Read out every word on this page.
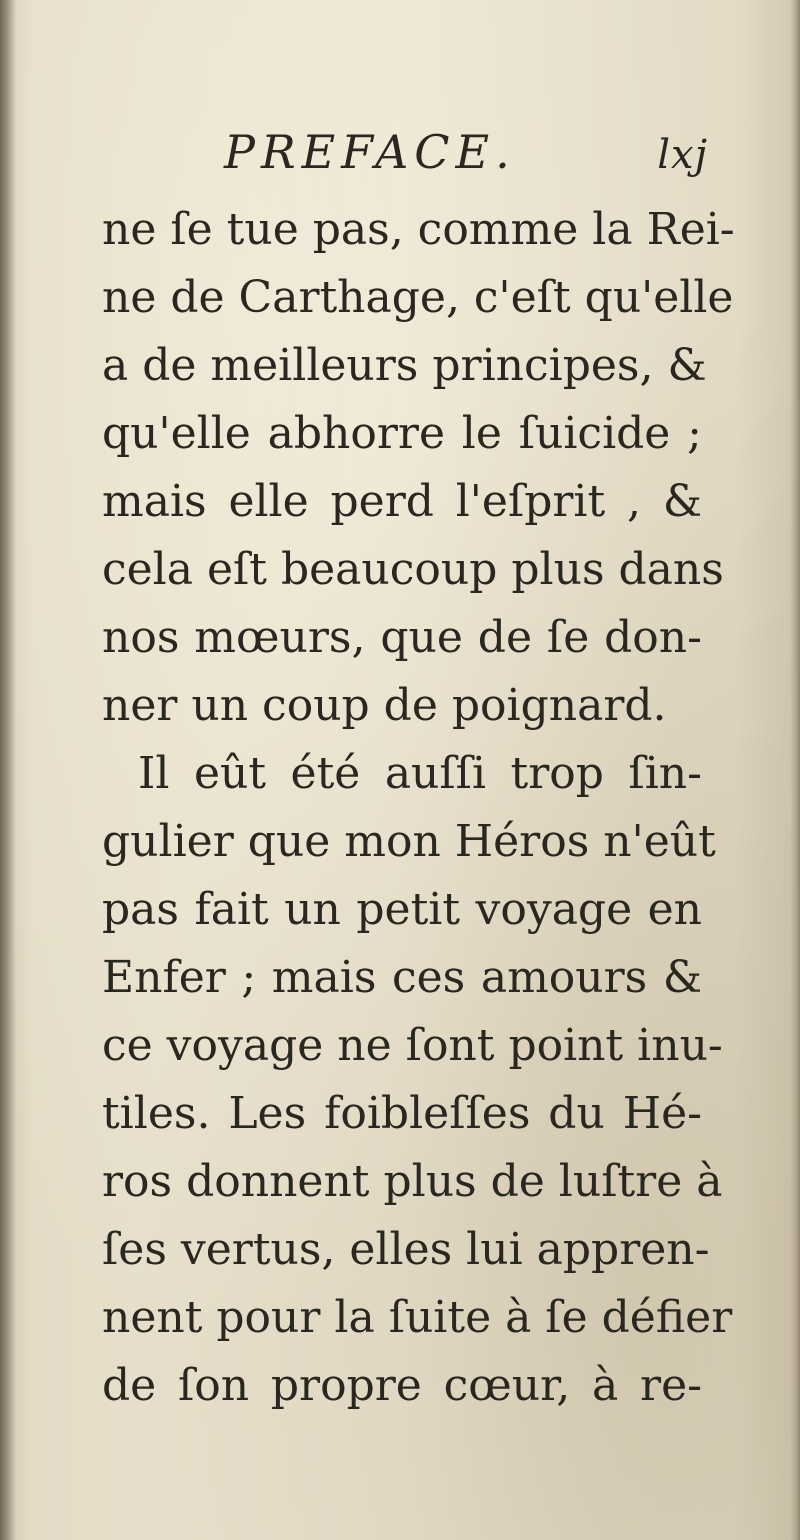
PREFACE.	lxj
ne ſe tue pas, comme la Rei-
ne de Carthage, c'eſt qu'elle
a de meilleurs principes, &
qu'elle abhorre le ſuicide ;
mais elle perd l'eſprit , &
cela eſt beaucoup plus dans
nos mœurs, que de ſe don-
ner un coup de poignard.
Il eût été auſſi trop ſin-
gulier que mon Héros n'eût
pas fait un petit voyage en
Enfer ; mais ces amours &
ce voyage ne ſont point inu-
tiles. Les foibleſſes du Hé-
ros donnent plus de luſtre à
ſes vertus, elles lui appren-
nent pour la ſuite à ſe défier
de ſon propre cœur, à re-
